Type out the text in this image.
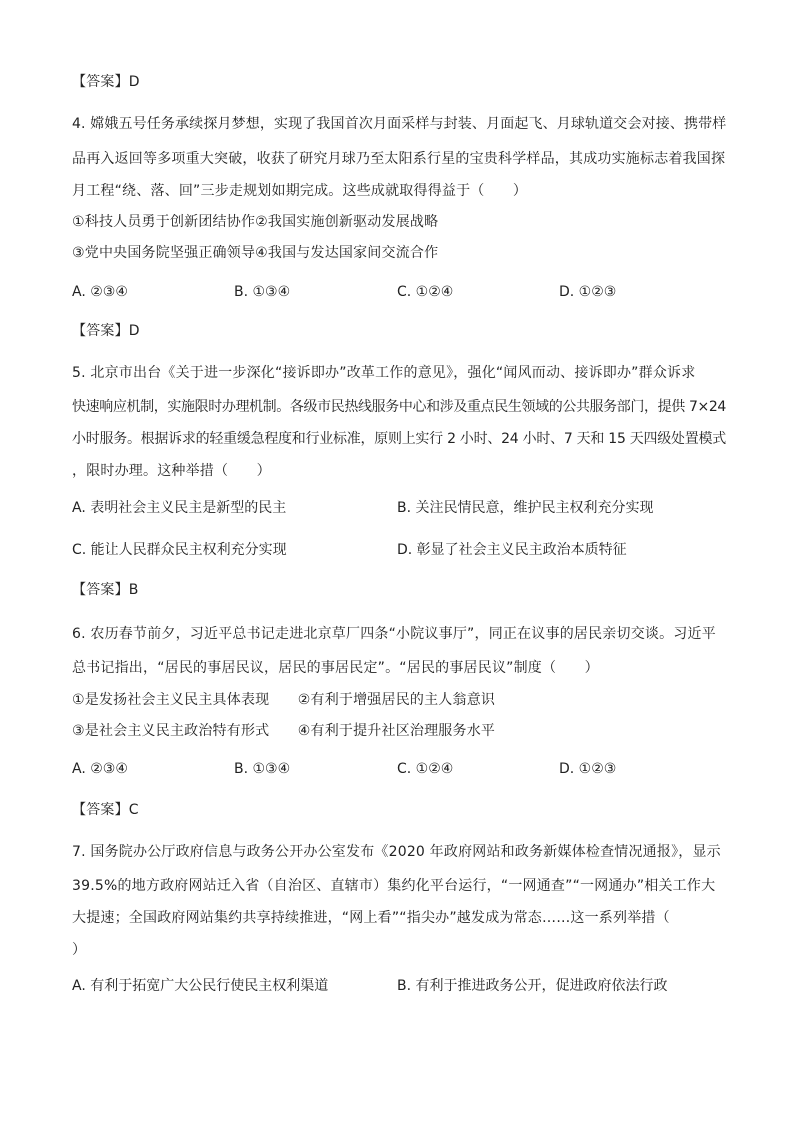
【答案】D
4. 嫦娥五号任务承续探月梦想，实现了我国首次月面采样与封装、月面起飞、月球轨道交会对接、携带样
品再入返回等多项重大突破，收获了研究月球乃至太阳系行星的宝贵科学样品，其成功实施标志着我国探
月工程“绕、落、回”三步走规划如期完成。这些成就取得得益于（　　）
①科技人员勇于创新团结协作②我国实施创新驱动发展战略
③党中央国务院坚强正确领导④我国与发达国家间交流合作
A. ②③④	B. ①③④	C. ①②④	D. ①②③
【答案】D
5. 北京市出台《关于进一步深化“接诉即办”改革工作的意见》，强化“闻风而动、接诉即办”群众诉求
快速响应机制，实施限时办理机制。各级市民热线服务中心和涉及重点民生领域的公共服务部门，提供 7×24
小时服务。根据诉求的轻重缓急程度和行业标准，原则上实行 2 小时、24 小时、7 天和 15 天四级处置模式
，限时办理。这种举措（　　）
A. 表明社会主义民主是新型的民主	B. 关注民情民意，维护民主权利充分实现
C. 能让人民群众民主权利充分实现	D. 彰显了社会主义民主政治本质特征
【答案】B
6. 农历春节前夕，习近平总书记走进北京草厂四条“小院议事厅”，同正在议事的居民亲切交谈。习近平
总书记指出，“居民的事居民议，居民的事居民定”。“居民的事居民议”制度（　　）
①是发扬社会主义民主具体表现　　②有利于增强居民的主人翁意识
③是社会主义民主政治特有形式　　④有利于提升社区治理服务水平
A. ②③④	B. ①③④	C. ①②④	D. ①②③
【答案】C
7. 国务院办公厅政府信息与政务公开办公室发布《2020 年政府网站和政务新媒体检查情况通报》，显示
39.5%的地方政府网站迁入省（自治区、直辖市）集约化平台运行，“一网通查”“一网通办”相关工作大
大提速；全国政府网站集约共享持续推进，“网上看”“指尖办”越发成为常态……这一系列举措（
）
A. 有利于拓宽广大公民行使民主权利渠道	B. 有利于推进政务公开，促进政府依法行政
